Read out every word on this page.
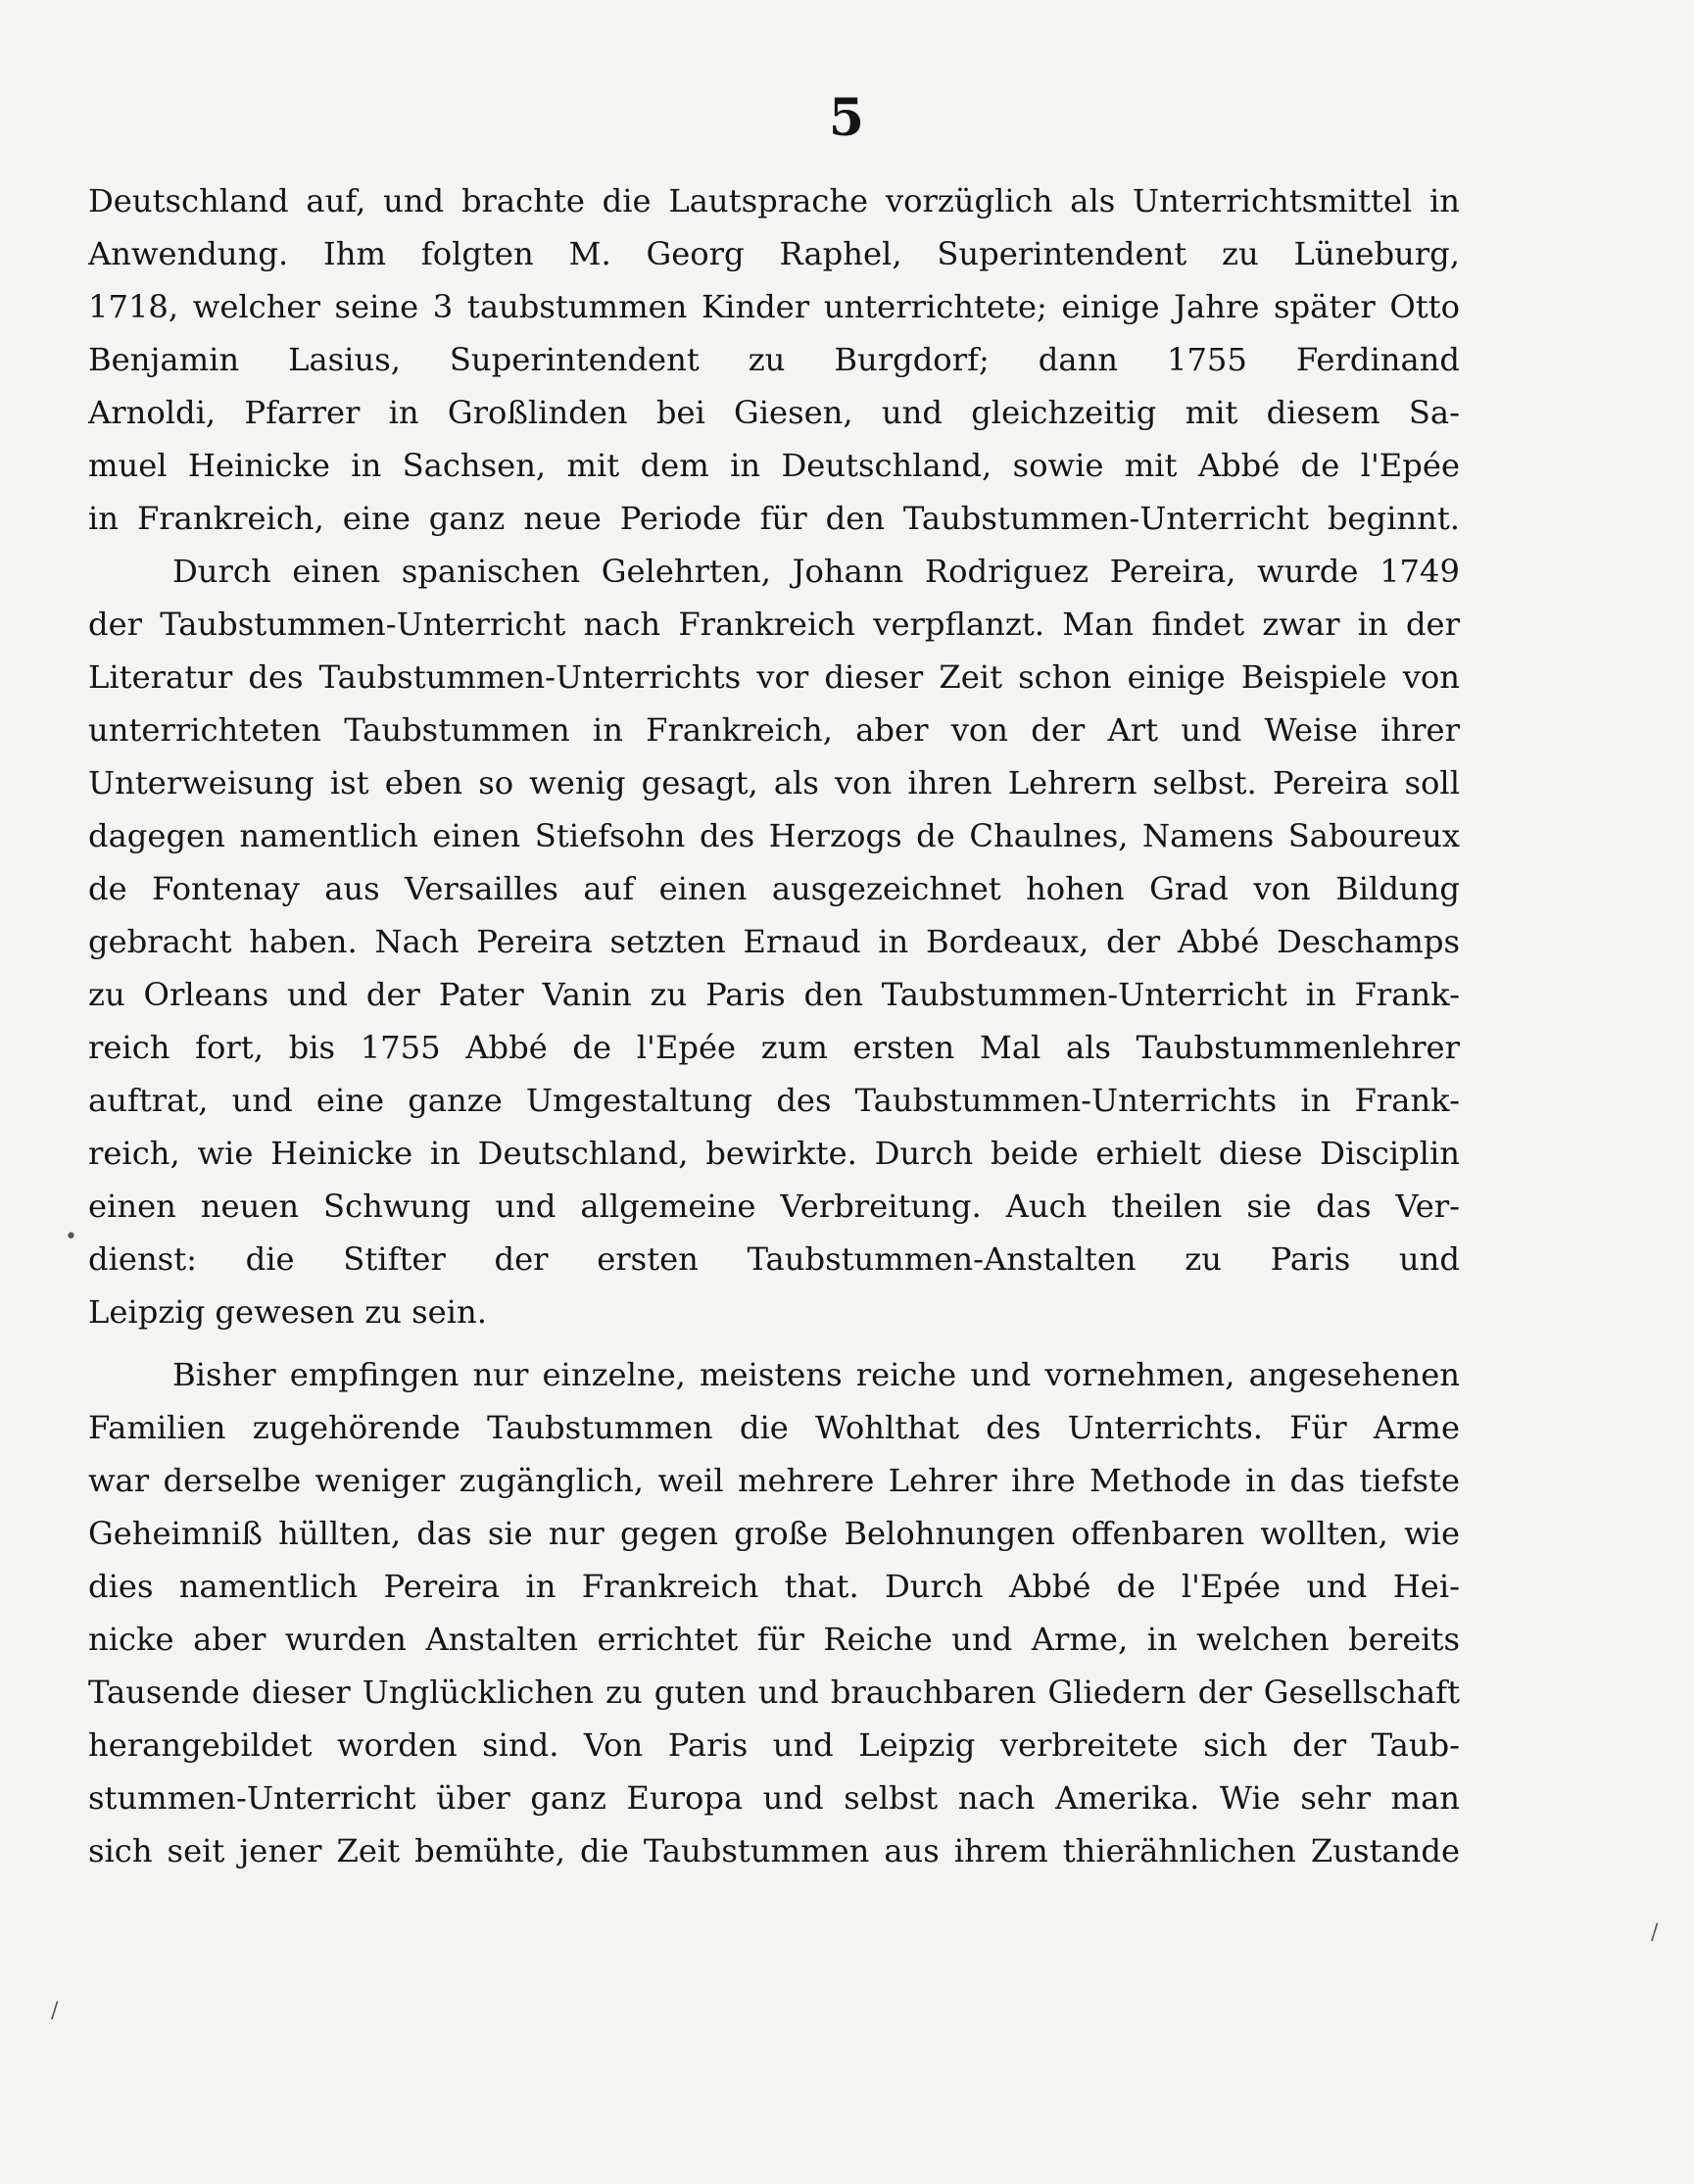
5
Deutschland auf, und brachte die Lautsprache vorzüglich als Unterrichtsmittel in
Anwendung. Ihm folgten M. Georg Raphel, Superintendent zu Lüneburg,
1718, welcher seine 3 taubstummen Kinder unterrichtete; einige Jahre später Otto
Benjamin Lasius, Superintendent zu Burgdorf; dann 1755 Ferdinand
Arnoldi, Pfarrer in Großlinden bei Giesen, und gleichzeitig mit diesem Sa-
muel Heinicke in Sachsen, mit dem in Deutschland, sowie mit Abbé de l'Epée
in Frankreich, eine ganz neue Periode für den Taubstummen-Unterricht beginnt.
Durch einen spanischen Gelehrten, Johann Rodriguez Pereira, wurde 1749
der Taubstummen-Unterricht nach Frankreich verpflanzt. Man findet zwar in der
Literatur des Taubstummen-Unterrichts vor dieser Zeit schon einige Beispiele von
unterrichteten Taubstummen in Frankreich, aber von der Art und Weise ihrer
Unterweisung ist eben so wenig gesagt, als von ihren Lehrern selbst. Pereira soll
dagegen namentlich einen Stiefsohn des Herzogs de Chaulnes, Namens Saboureux
de Fontenay aus Versailles auf einen ausgezeichnet hohen Grad von Bildung
gebracht haben. Nach Pereira setzten Ernaud in Bordeaux, der Abbé Deschamps
zu Orleans und der Pater Vanin zu Paris den Taubstummen-Unterricht in Frank-
reich fort, bis 1755 Abbé de l'Epée zum ersten Mal als Taubstummenlehrer
auftrat, und eine ganze Umgestaltung des Taubstummen-Unterrichts in Frank-
reich, wie Heinicke in Deutschland, bewirkte. Durch beide erhielt diese Disciplin
einen neuen Schwung und allgemeine Verbreitung. Auch theilen sie das Ver-
dienst: die Stifter der ersten Taubstummen-Anstalten zu Paris und
Leipzig gewesen zu sein.
Bisher empfingen nur einzelne, meistens reiche und vornehmen, angesehenen
Familien zugehörende Taubstummen die Wohlthat des Unterrichts. Für Arme
war derselbe weniger zugänglich, weil mehrere Lehrer ihre Methode in das tiefste
Geheimniß hüllten, das sie nur gegen große Belohnungen offenbaren wollten, wie
dies namentlich Pereira in Frankreich that. Durch Abbé de l'Epée und Hei-
nicke aber wurden Anstalten errichtet für Reiche und Arme, in welchen bereits
Tausende dieser Unglücklichen zu guten und brauchbaren Gliedern der Gesellschaft
herangebildet worden sind. Von Paris und Leipzig verbreitete sich der Taub-
stummen-Unterricht über ganz Europa und selbst nach Amerika. Wie sehr man
sich seit jener Zeit bemühte, die Taubstummen aus ihrem thierähnlichen Zustande
•
/
/
